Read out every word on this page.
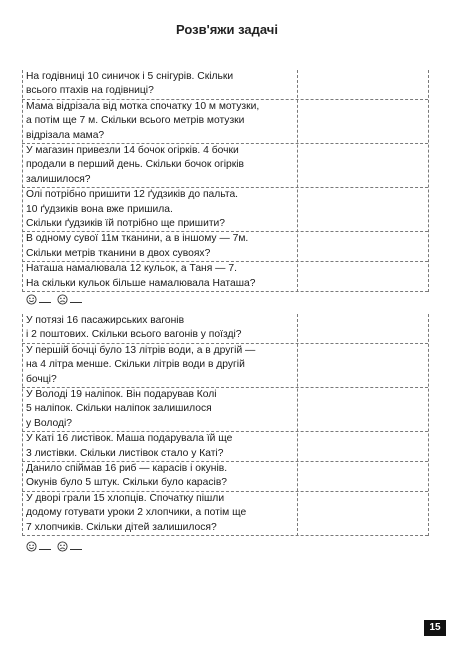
Розв'яжи задачі
На годівниці 10 синичок і 5 снігурів. Скільки
всього птахів на годівниці?
Мама відрізала від мотка спочатку 10 м мотузки,
а потім ще 7 м. Скільки всього метрів мотузки
відрізала мама?
У магазин привезли 14 бочок огірків. 4 бочки
продали в перший день. Скільки бочок огірків
залишилося?
Олі потрібно пришити 12 ґудзиків до пальта.
10 ґудзиків вона вже пришила.
Скільки ґудзиків їй потрібно ще пришити?
В одному сувої 11м тканини, а в іншому — 7м.
Скільки метрів тканини в двох сувоях?
Наташа намалювала 12 кульок, а Таня — 7.
На скільки кульок більше намалювала Наташа?

У потязі 16 пасажирських вагонів
і 2 поштових. Скільки всього вагонів у поїзді?
У першій бочці було 13 літрів води, а в другій —
на 4 літра менше. Скільки літрів води в другій
бочці?
У Володі 19 наліпок. Він подарував Колі
5 наліпок. Скільки наліпок залишилося
у Володі?
У Каті 16 листівок. Маша подарувала їй ще
3 листівки. Скільки листівок стало у Каті?
Данило спіймав 16 риб — карасів і окунів.
Окунів було 5 штук. Скільки було карасів?
У дворі грали 15 хлопців. Спочатку пішли
додому готувати уроки 2 хлопчики, а потім ще
7 хлопчиків. Скільки дітей залишилося?

15
